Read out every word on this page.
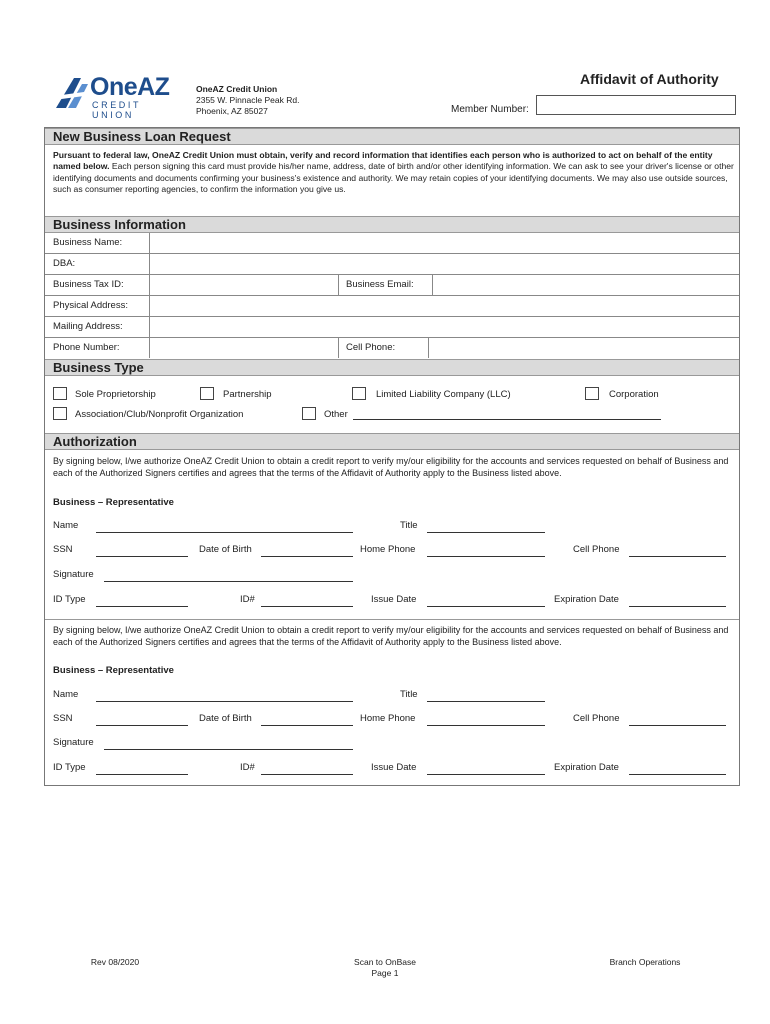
OneAZ
CREDIT UNION
OneAZ Credit Union
2355 W. Pinnacle Peak Rd.
Phoenix, AZ 85027
Affidavit of Authority
Member Number:
New Business Loan Request
Pursuant to federal law, OneAZ Credit Union must obtain, verify and record information that identifies each person who is authorized to act on behalf of the entity named below. Each person signing this card must provide his/her name, address, date of birth and/or other identifying information. We can ask to see your driver's license or other identifying documents and documents confirming your business's existence and authority. We may retain copies of your identifying documents. We may also use outside sources, such as consumer reporting agencies, to confirm the information you give us.
Business Information
Business Name:
DBA:
Business Tax ID:	Business Email:
Physical Address:
Mailing Address:
Phone Number:	Cell Phone:
Business Type
Sole Proprietorship	Partnership	Limited Liability Company (LLC)	Corporation
Association/Club/Nonprofit Organization	Other
Authorization
By signing below, I/we authorize OneAZ Credit Union to obtain a credit report to verify my/our eligibility for the accounts and services requested on behalf of Business and each of the Authorized Signers certifies and agrees that the terms of the Affidavit of Authority apply to the Business listed above.
Business – Representative
Name	Title
SSN	Date of Birth	Home Phone	Cell Phone
Signature
ID Type	ID#	Issue Date	Expiration Date
By signing below, I/we authorize OneAZ Credit Union to obtain a credit report to verify my/our eligibility for the accounts and services requested on behalf of Business and each of the Authorized Signers certifies and agrees that the terms of the Affidavit of Authority apply to the Business listed above.
Business – Representative
Name	Title
SSN	Date of Birth	Home Phone	Cell Phone
Signature
ID Type	ID#	Issue Date	Expiration Date
Rev 08/2020	Scan to OnBase
Page 1
Branch Operations
